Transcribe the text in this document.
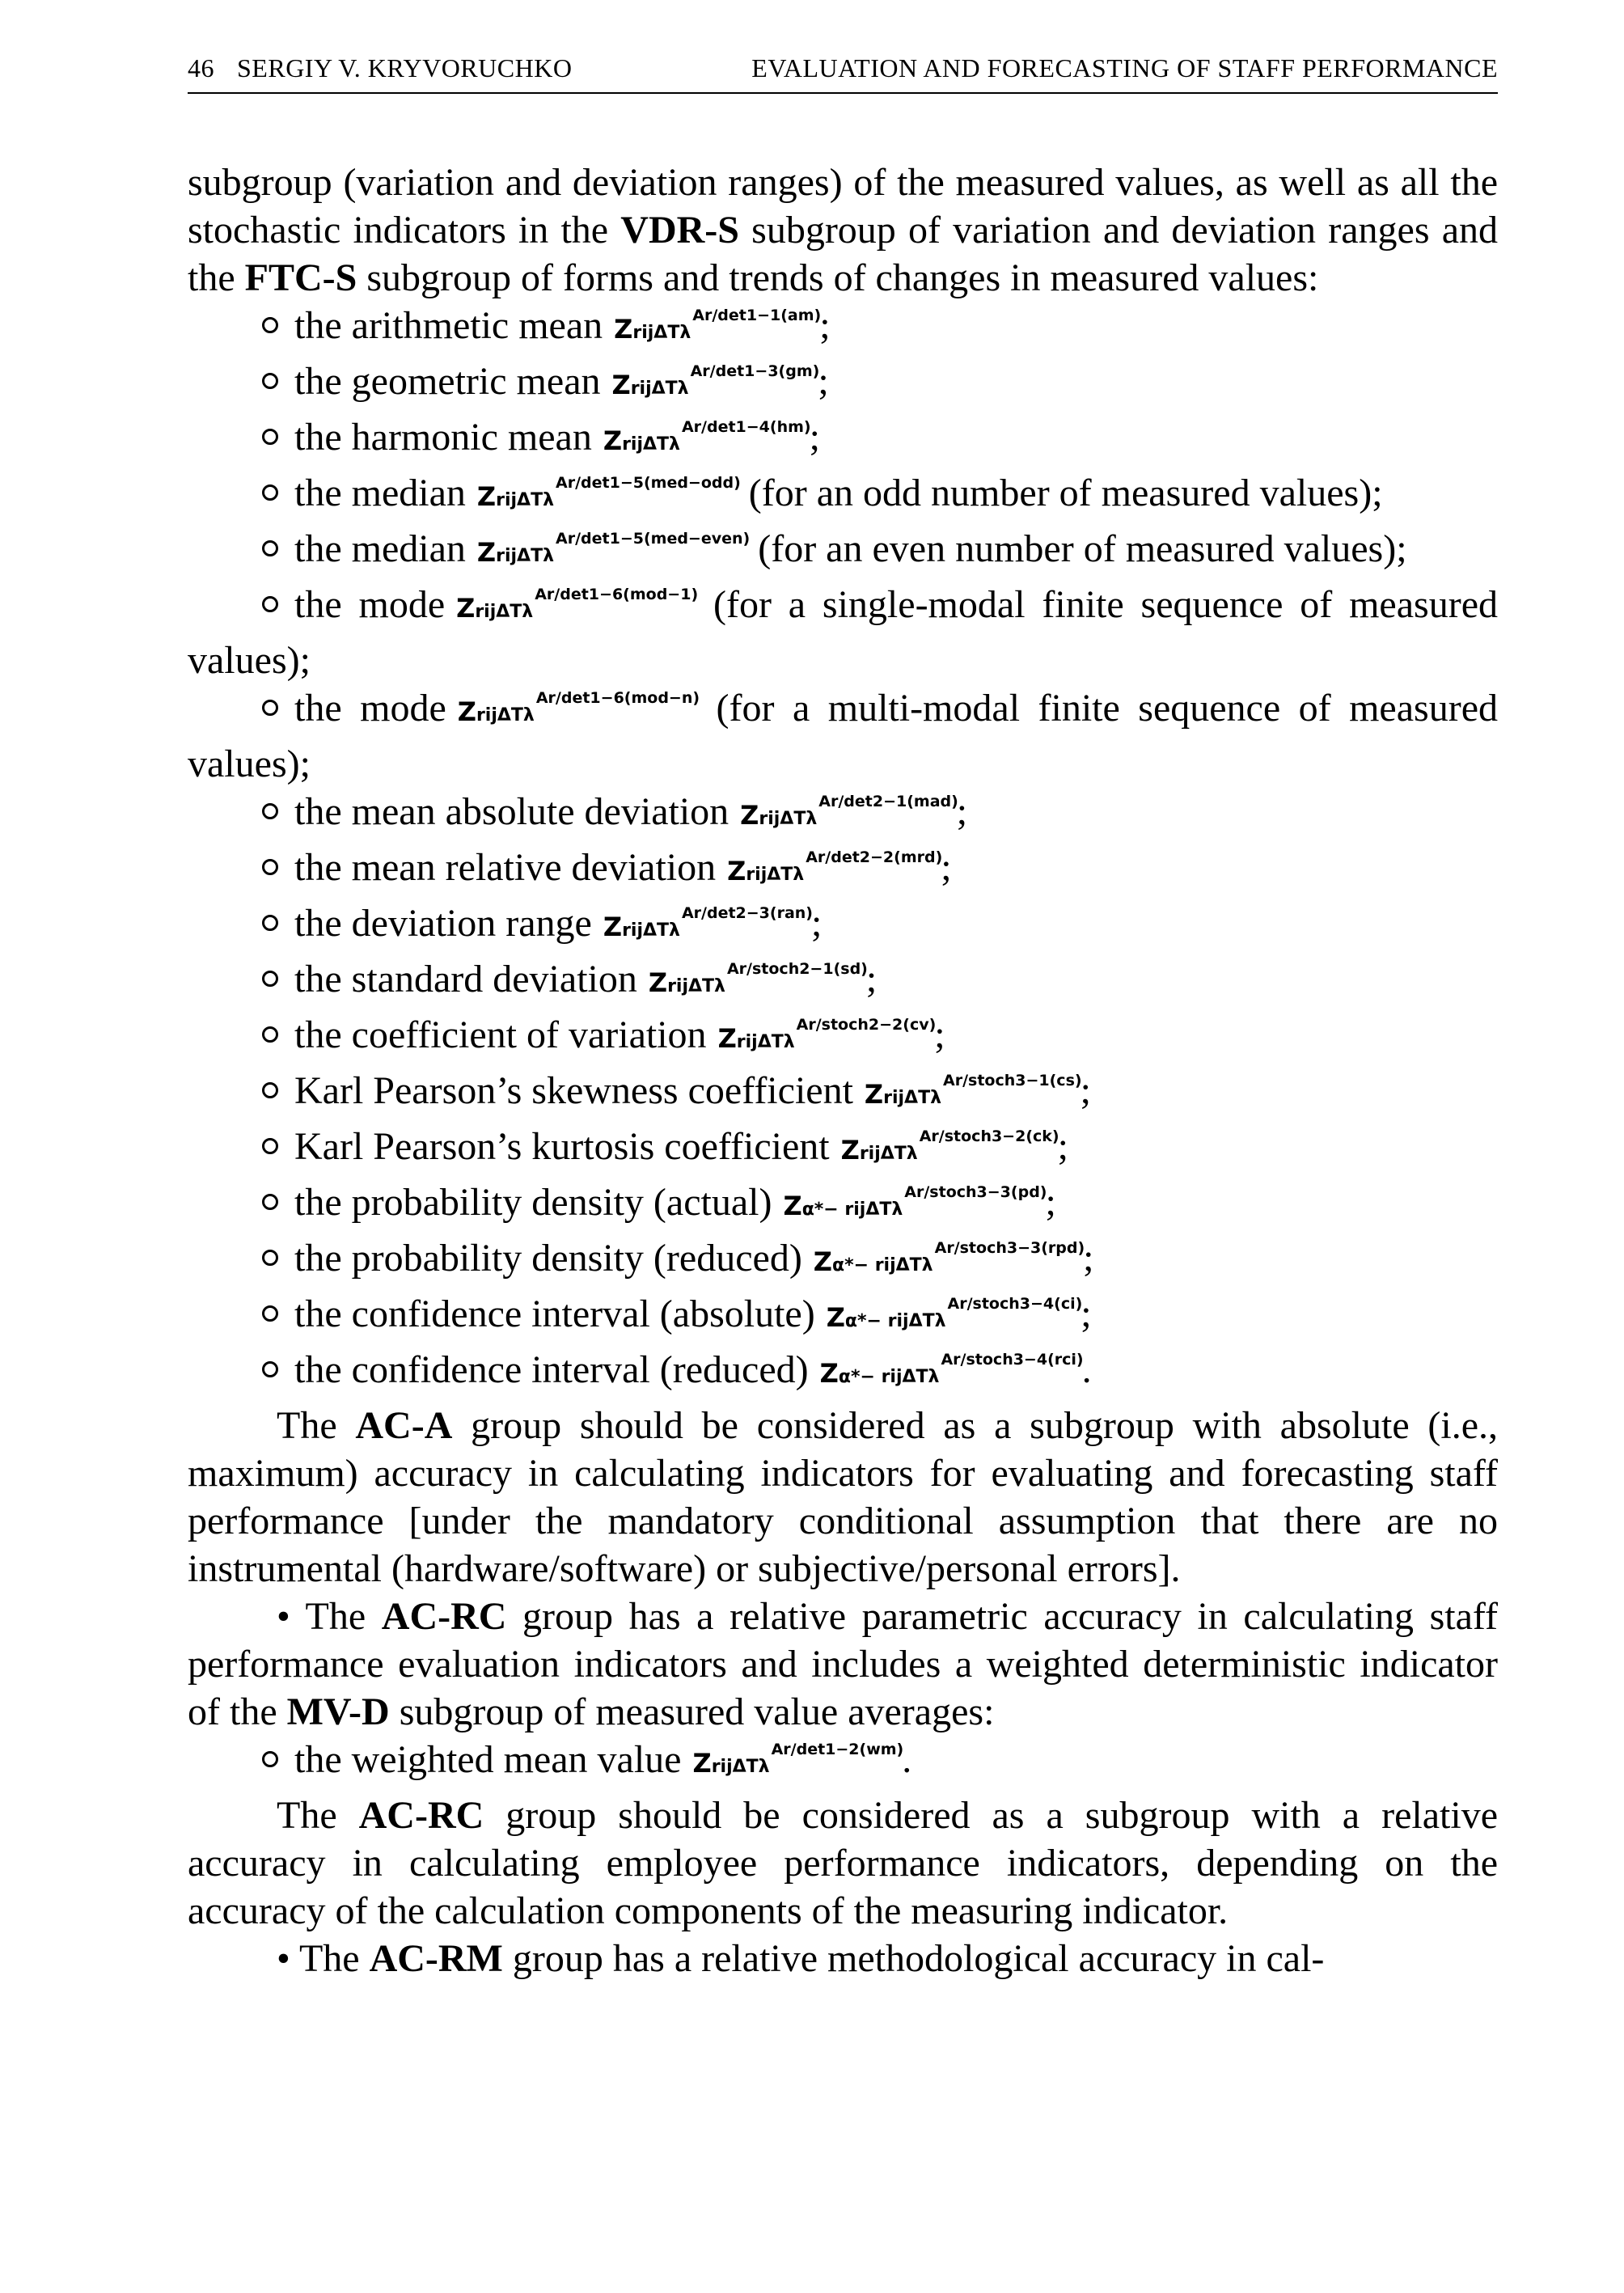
46 SERGIY V. KRYVORUCHKO	EVALUATION AND FORECASTING OF STAFF PERFORMANCE

subgroup (variation and deviation ranges) of the measured values, as well as all the stochastic indicators in the VDR-S subgroup of variation and deviation ranges and the FTC-S subgroup of forms and trends of changes in measured values:

the arithmetic mean ZrijΔTλ$^{Ar/det1-1(am)}$;

the geometric mean ZrijΔTλ$^{Ar/det1-3(gm)}$;

the harmonic mean ZrijΔTλ$^{Ar/det1-4(hm)}$;

the median ZrijΔTλ$^{Ar/det1-5(med-odd)}$ (for an odd number of measured values);

the median ZrijΔTλ$^{Ar/det1-5(med-even)}$ (for an even number of measured values);

the mode ZrijΔTλ$^{Ar/det1-6(mod-1)}$ (for a single-modal finite sequence of measured values);

the mode ZrijΔTλ$^{Ar/det1-6(mod-n)}$ (for a multi-modal finite sequence of measured values);

the mean absolute deviation ZrijΔTλ$^{Ar/det2-1(mad)}$;

the mean relative deviation ZrijΔTλ$^{Ar/det2-2(mrd)}$;

the deviation range ZrijΔTλ$^{Ar/det2-3(ran)}$;

the standard deviation ZrijΔTλ$^{Ar/stoch2-1(sd)}$;

the coefficient of variation ZrijΔTλ$^{Ar/stoch2-2(cv)}$;

Karl Pearson’s skewness coefficient ZrijΔTλ$^{Ar/stoch3-1(cs)}$;

Karl Pearson’s kurtosis coefficient ZrijΔTλ$^{Ar/stoch3-2(ck)}$;

the probability density (actual) Zα*− rijΔTλ$^{Ar/stoch3-3(pd)}$;

the probability density (reduced) Zα*− rijΔTλ$^{Ar/stoch3-3(rpd)}$;

the confidence interval (absolute) Zα*− rijΔTλ$^{Ar/stoch3-4(ci)}$;

the confidence interval (reduced) Zα*− rijΔTλ$^{Ar/stoch3-4(rci)}$.

The AC-A group should be considered as a subgroup with absolute (i.e., maximum) accuracy in calculating indicators for evaluating and forecasting staff performance [under the mandatory conditional assumption that there are no instrumental (hardware/software) or subjective/personal errors].

• The AC-RC group has a relative parametric accuracy in calculating staff performance evaluation indicators and includes a weighted deterministic indicator of the MV-D subgroup of measured value averages:

the weighted mean value ZrijΔTλ$^{Ar/det1-2(wm)}$.

The AC-RC group should be considered as a subgroup with a relative accuracy in calculating employee performance indicators, depending on the accuracy of the calculation components of the measuring indicator.

• The AC-RM group has a relative methodological accuracy in cal-
